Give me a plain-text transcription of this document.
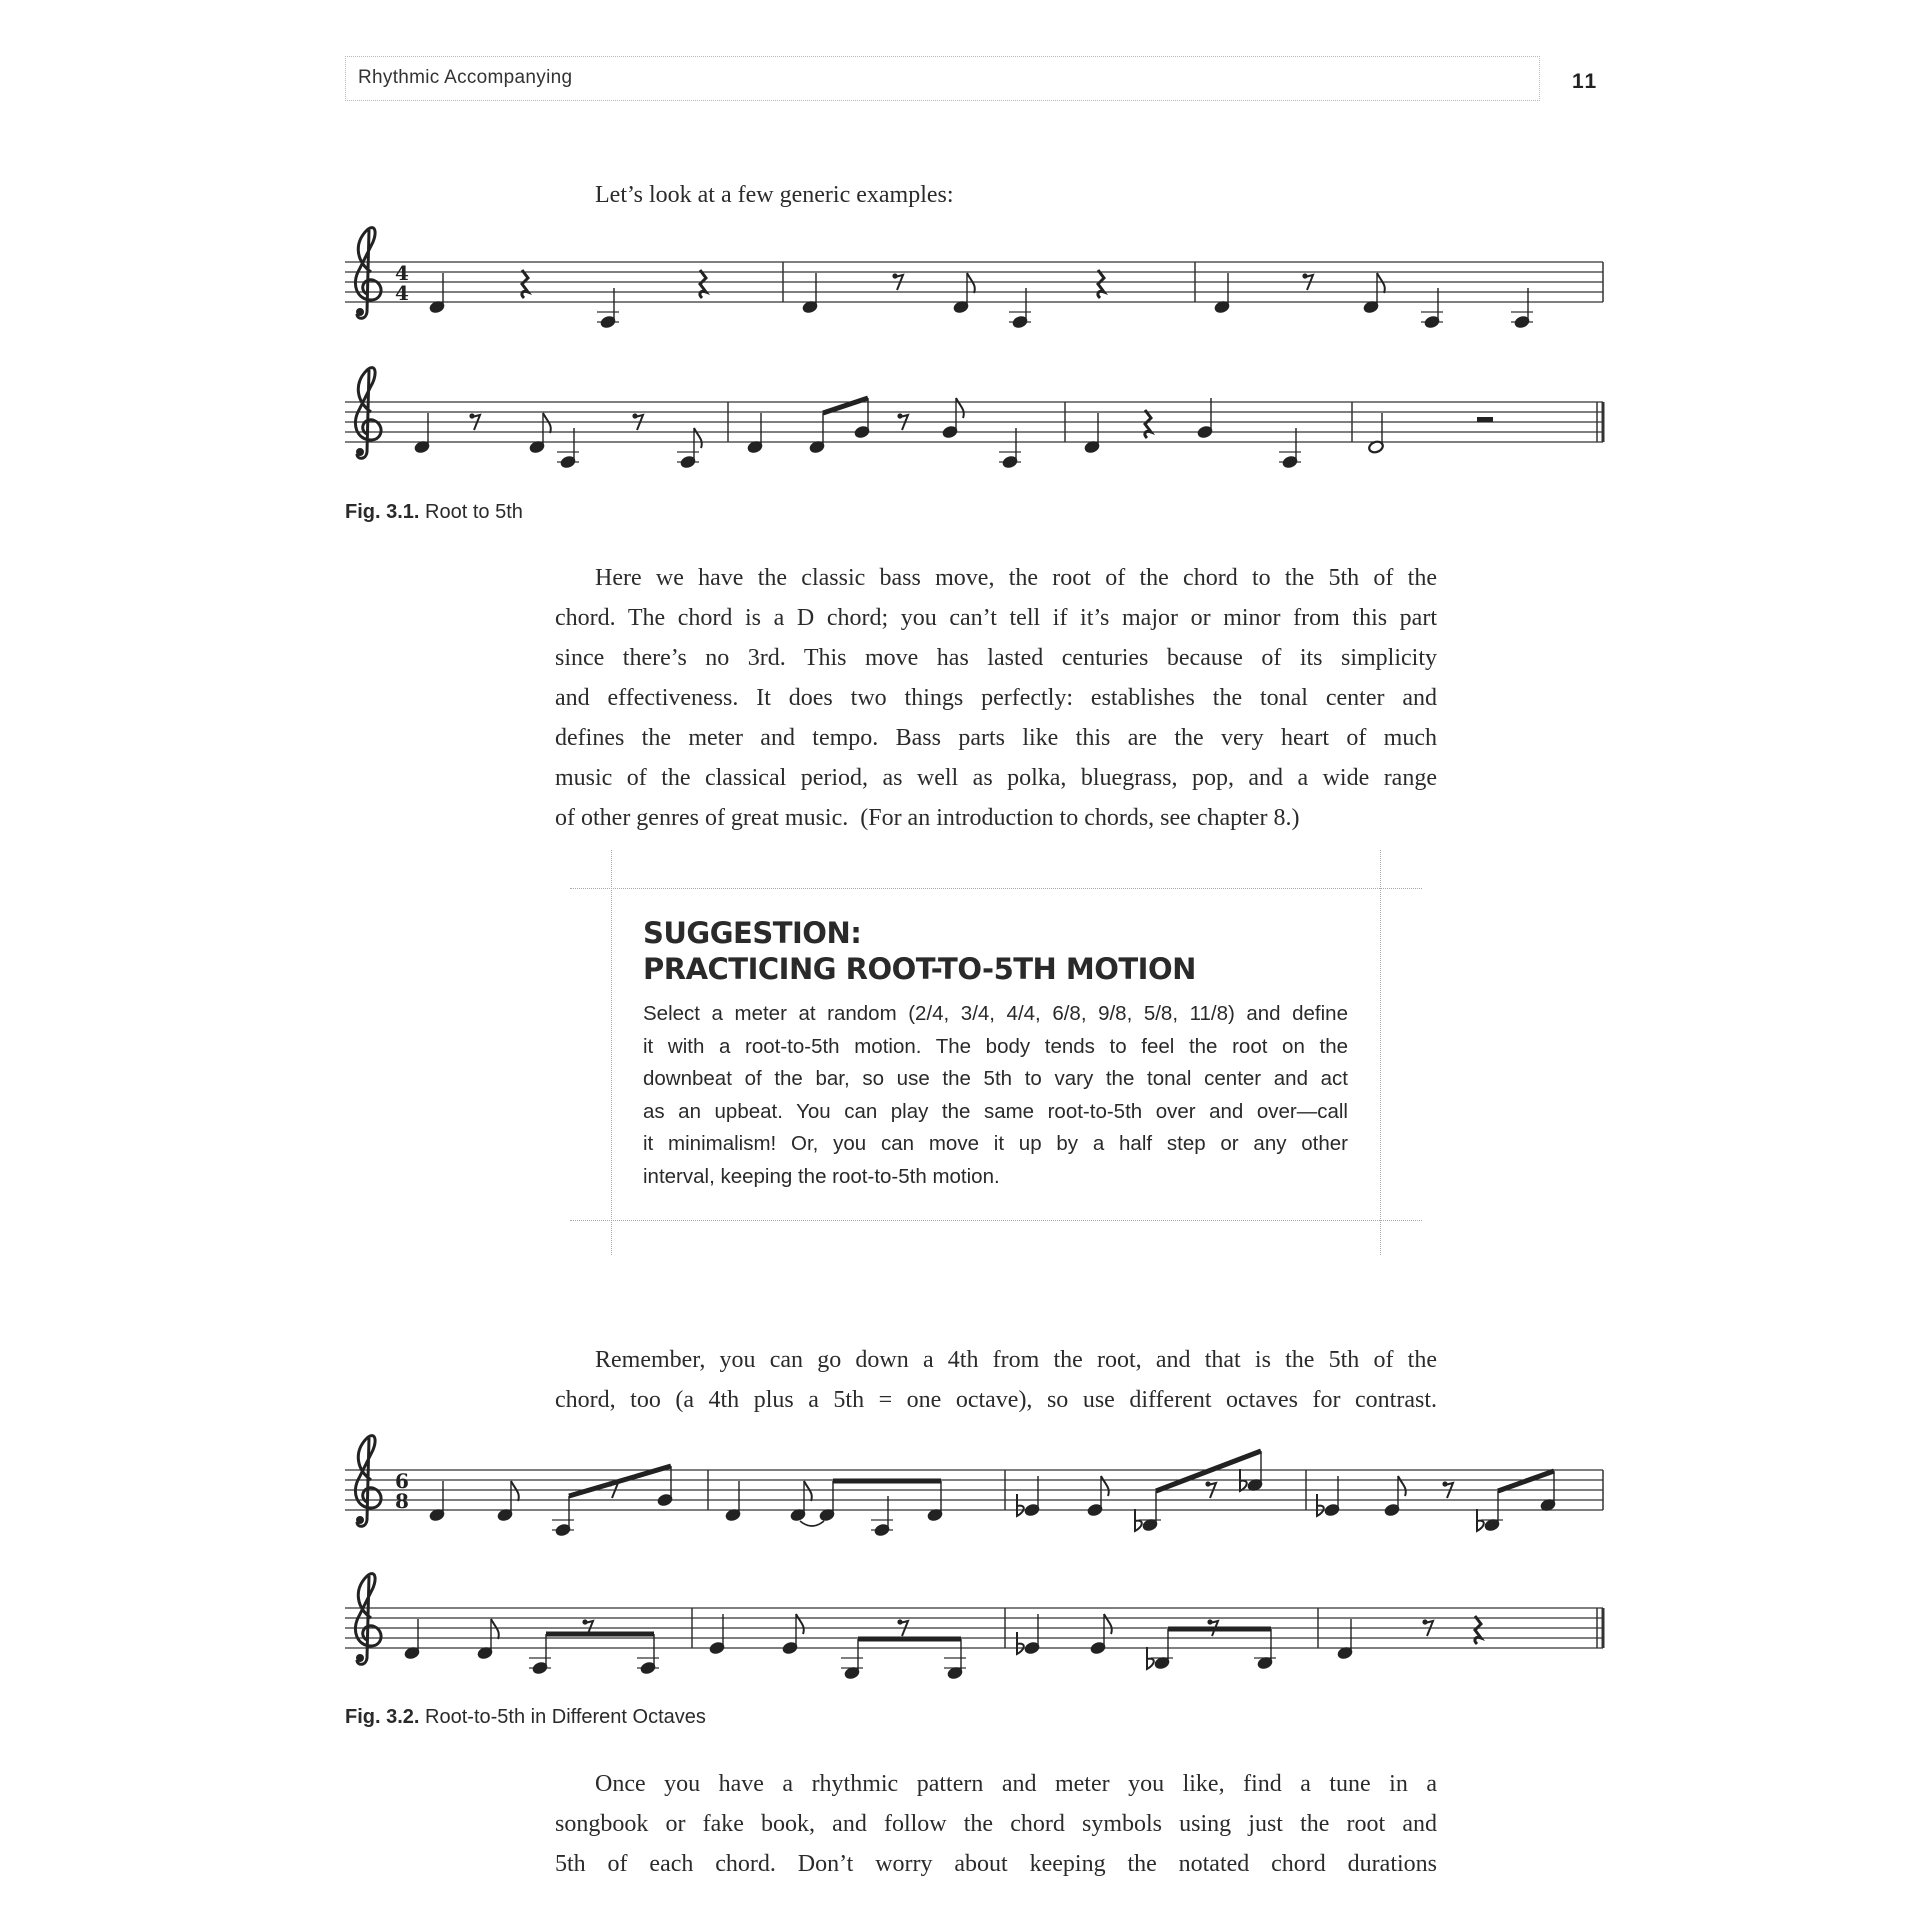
Rhythmic Accompanying	11
Let’s look at a few generic examples:
4
4
6
8
Fig. 3.1. Root to 5th
Here we have the classic bass move, the root of the chord to the 5th of the
chord. The chord is a D chord; you can’t tell if it’s major or minor from this part
since there’s no 3rd. This move has lasted centuries because of its simplicity
and effectiveness. It does two things perfectly: establishes the tonal center and
defines the meter and tempo. Bass parts like this are the very heart of much
music of the classical period, as well as polka, bluegrass, pop, and a wide range
of other genres of great music.  (For an introduction to chords, see chapter 8.)
SUGGESTION:
PRACTICING ROOT-TO-5TH MOTION
Select a meter at random (2/4, 3/4, 4/4, 6/8, 9/8, 5/8, 11/8) and define
it with a root-to-5th motion. The body tends to feel the root on the
downbeat of the bar, so use the 5th to vary the tonal center and act
as an upbeat. You can play the same root-to-5th over and over—call
it minimalism! Or, you can move it up by a half step or any other
interval, keeping the root-to-5th motion.
Remember, you can go down a 4th from the root, and that is the 5th of the
chord, too (a 4th plus a 5th = one octave), so use different octaves for contrast.
Fig. 3.2. Root-to-5th in Different Octaves
Once you have a rhythmic pattern and meter you like, find a tune in a
songbook or fake book, and follow the chord symbols using just the root and
5th of each chord. Don’t worry about keeping the notated chord durations
